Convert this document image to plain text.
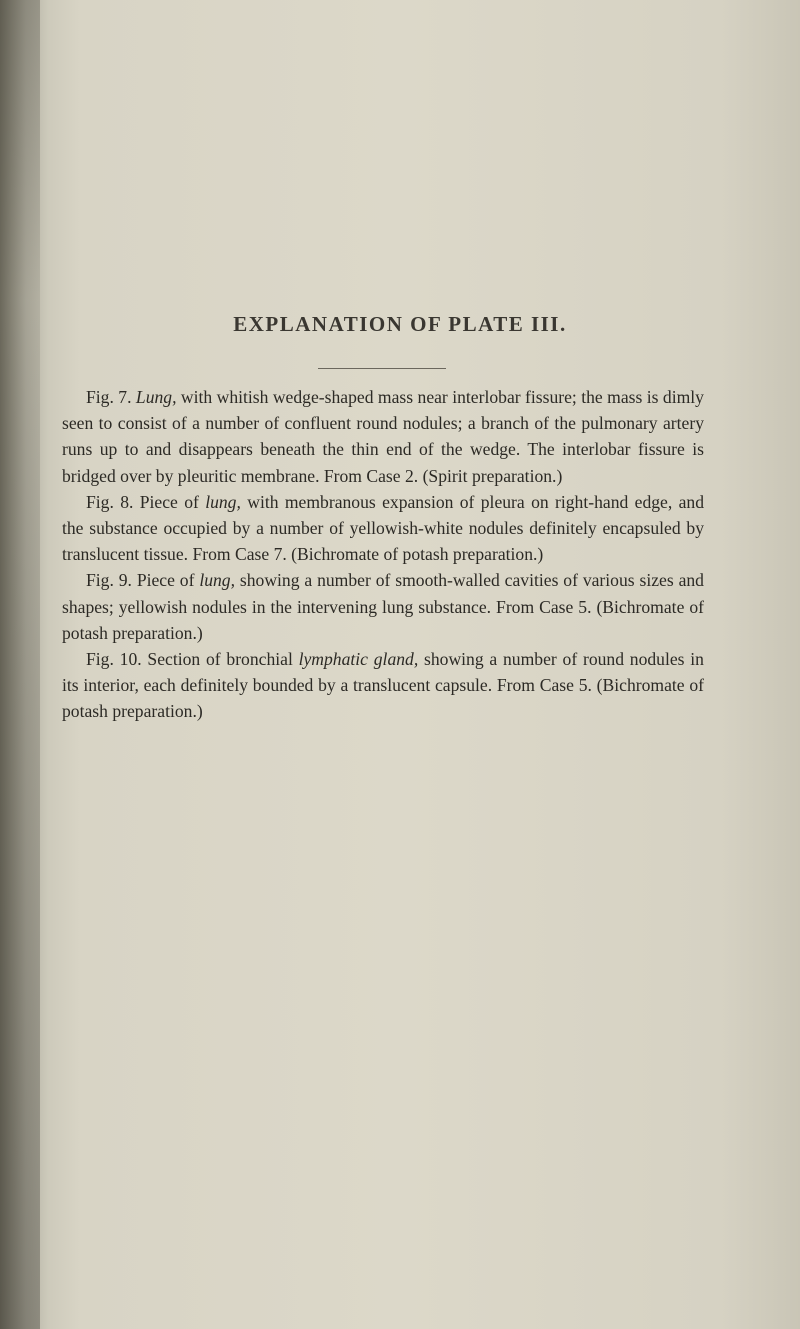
EXPLANATION OF PLATE III.

Fig. 7. Lung, with whitish wedge-shaped mass near interlobar fissure; the mass is dimly seen to consist of a number of confluent round nodules; a branch of the pulmonary artery runs up to and disappears beneath the thin end of the wedge. The interlobar fissure is bridged over by pleuritic membrane. From Case 2. (Spirit preparation.)

Fig. 8. Piece of lung, with membranous expansion of pleura on right-hand edge, and the substance occupied by a number of yellowish-white nodules definitely encapsuled by translucent tissue. From Case 7. (Bichromate of potash preparation.)

Fig. 9. Piece of lung, showing a number of smooth-walled cavities of various sizes and shapes; yellowish nodules in the intervening lung substance. From Case 5. (Bichromate of potash preparation.)

Fig. 10. Section of bronchial lymphatic gland, showing a number of round nodules in its interior, each definitely bounded by a translucent capsule. From Case 5. (Bichromate of potash preparation.)
